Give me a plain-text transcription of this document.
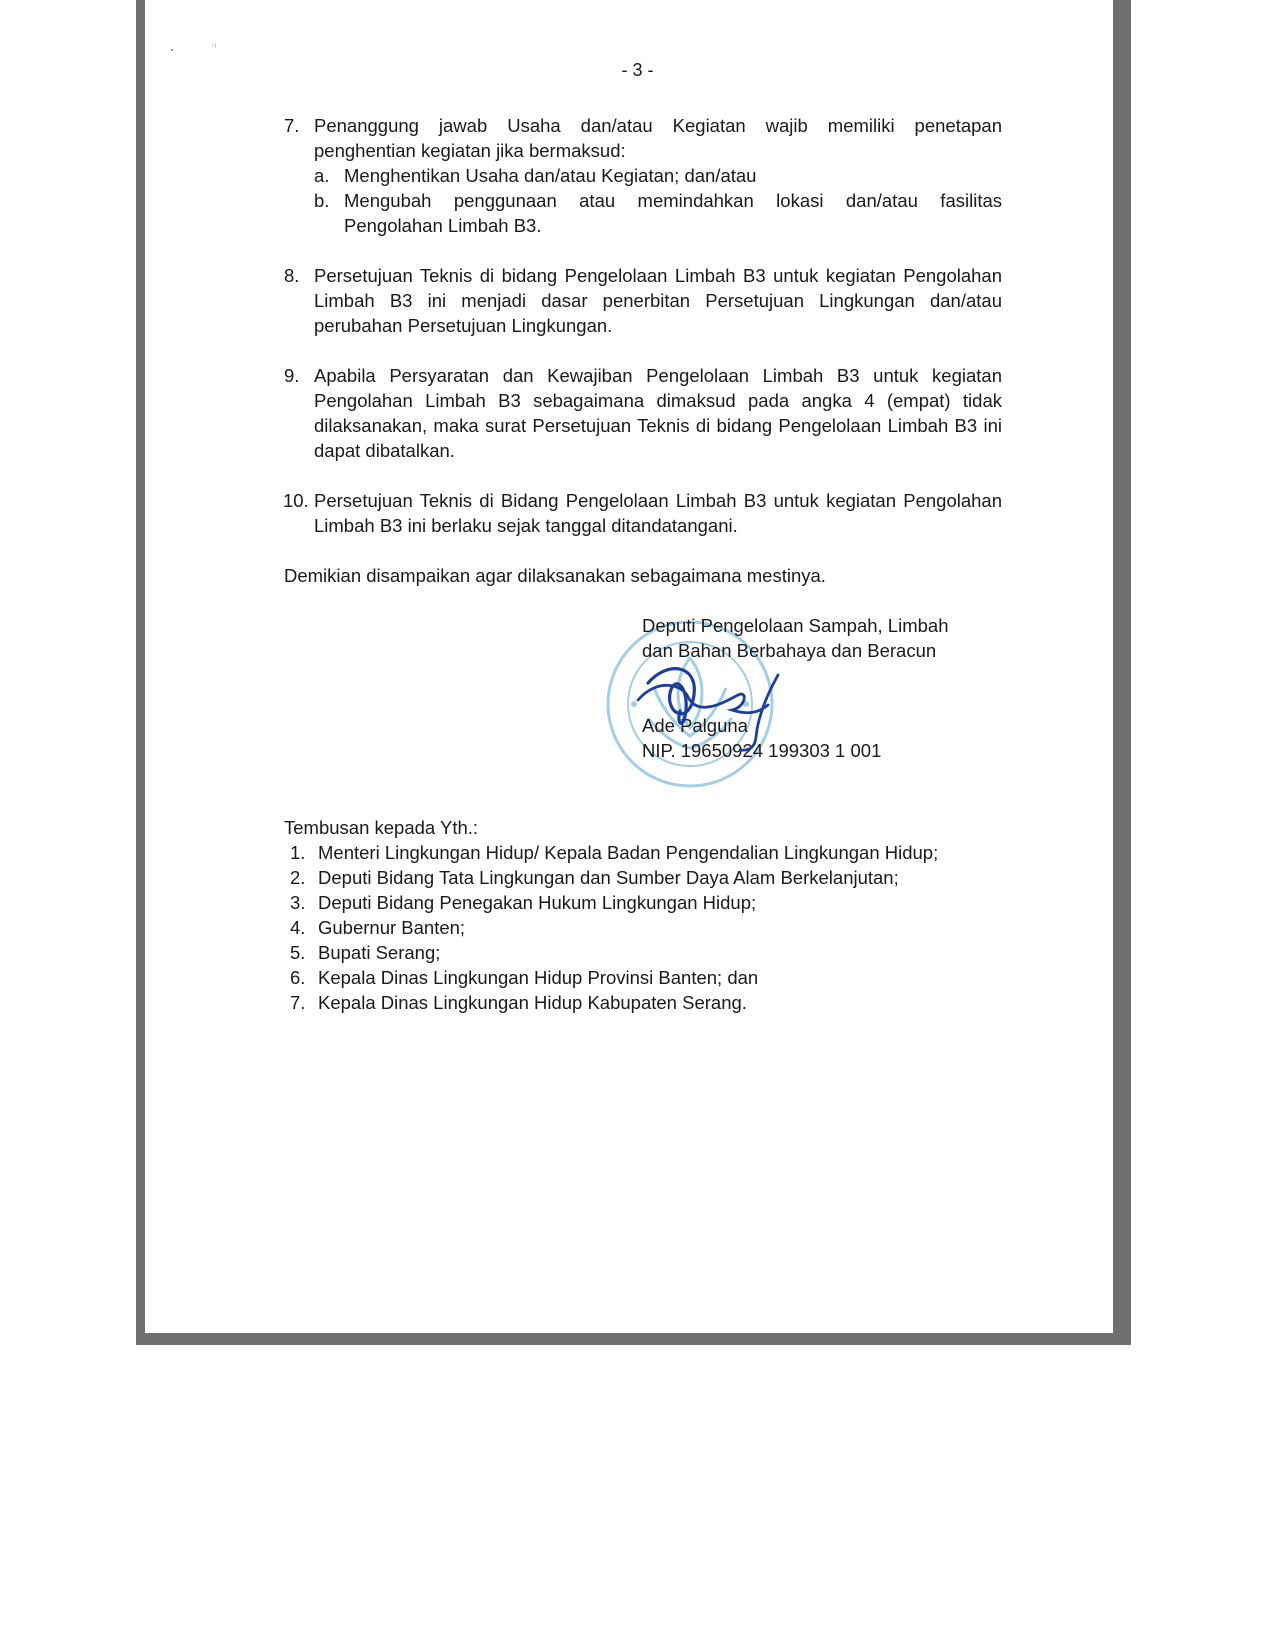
- 3 -
7. Penanggung jawab Usaha dan/atau Kegiatan wajib memiliki penetapan penghentian kegiatan jika bermaksud:
a. Menghentikan Usaha dan/atau Kegiatan; dan/atau
b. Mengubah penggunaan atau memindahkan lokasi dan/atau fasilitas Pengolahan Limbah B3.
8. Persetujuan Teknis di bidang Pengelolaan Limbah B3 untuk kegiatan Pengolahan Limbah B3 ini menjadi dasar penerbitan Persetujuan Lingkungan dan/atau perubahan Persetujuan Lingkungan.
9. Apabila Persyaratan dan Kewajiban Pengelolaan Limbah B3 untuk kegiatan Pengolahan Limbah B3 sebagaimana dimaksud pada angka 4 (empat) tidak dilaksanakan, maka surat Persetujuan Teknis di bidang Pengelolaan Limbah B3 ini dapat dibatalkan.
10. Persetujuan Teknis di Bidang Pengelolaan Limbah B3 untuk kegiatan Pengolahan Limbah B3 ini berlaku sejak tanggal ditandatangani.
Demikian disampaikan agar dilaksanakan sebagaimana mestinya.
Deputi Pengelolaan Sampah, Limbah
dan Bahan Berbahaya dan Beracun
Ade Palguna
NIP. 19650924 199303 1 001
Tembusan kepada Yth.:
1. Menteri Lingkungan Hidup/ Kepala Badan Pengendalian Lingkungan Hidup;
2. Deputi Bidang Tata Lingkungan dan Sumber Daya Alam Berkelanjutan;
3. Deputi Bidang Penegakan Hukum Lingkungan Hidup;
4. Gubernur Banten;
5. Bupati Serang;
6. Kepala Dinas Lingkungan Hidup Provinsi Banten; dan
7. Kepala Dinas Lingkungan Hidup Kabupaten Serang.
